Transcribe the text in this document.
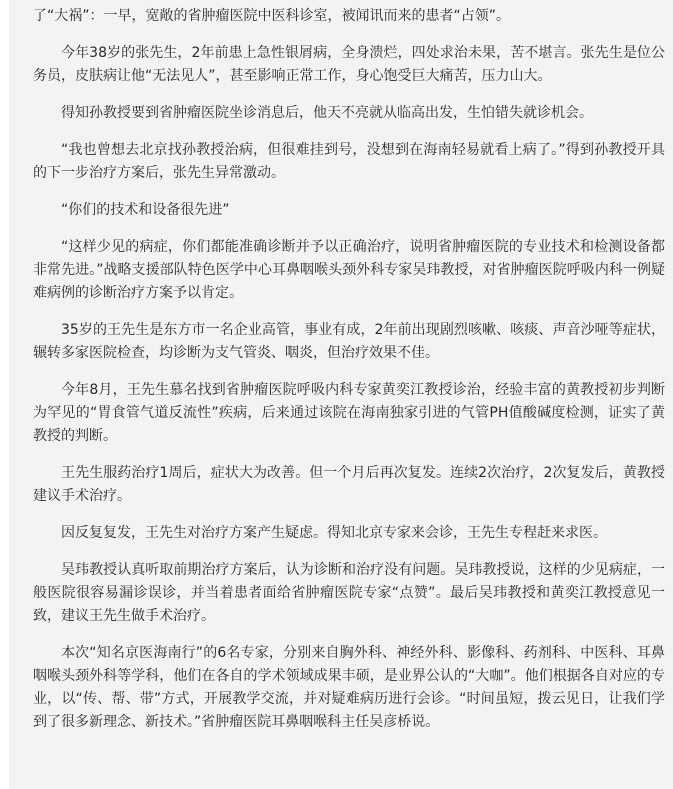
了“大祸”：一早，宽敞的省肿瘤医院中医科诊室，被闻讯而来的患者“占领”。

今年38岁的张先生，2年前患上急性银屑病，全身溃烂，四处求治未果，苦不堪言。张先生是位公务员，皮肤病让他“无法见人”，甚至影响正常工作，身心饱受巨大痛苦，压力山大。

得知孙教授要到省肿瘤医院坐诊消息后，他天不亮就从临高出发，生怕错失就诊机会。

“我也曾想去北京找孙教授治病，但很难挂到号，没想到在海南轻易就看上病了。”得到孙教授开具的下一步治疗方案后，张先生异常激动。

“你们的技术和设备很先进”

“这样少见的病症，你们都能准确诊断并予以正确治疗，说明省肿瘤医院的专业技术和检测设备都非常先进。”战略支援部队特色医学中心耳鼻咽喉头颈外科专家吴玮教授，对省肿瘤医院呼吸内科一例疑难病例的诊断治疗方案予以肯定。

35岁的王先生是东方市一名企业高管，事业有成，2年前出现剧烈咳嗽、咳痰、声音沙哑等症状，辗转多家医院检查，均诊断为支气管炎、咽炎，但治疗效果不佳。

今年8月，王先生慕名找到省肿瘤医院呼吸内科专家黄奕江教授诊治，经验丰富的黄教授初步判断为罕见的“胃食管气道反流性”疾病，后来通过该院在海南独家引进的气管PH值酸碱度检测，证实了黄教授的判断。

王先生服药治疗1周后，症状大为改善。但一个月后再次复发。连续2次治疗，2次复发后，黄教授建议手术治疗。

因反复复发，王先生对治疗方案产生疑虑。得知北京专家来会诊，王先生专程赶来求医。

吴玮教授认真听取前期治疗方案后，认为诊断和治疗没有问题。吴玮教授说，这样的少见病症，一般医院很容易漏诊误诊，并当着患者面给省肿瘤医院专家“点赞”。最后吴玮教授和黄奕江教授意见一致，建议王先生做手术治疗。

本次“知名京医海南行”的6名专家，分别来自胸外科、神经外科、影像科、药剂科、中医科、耳鼻咽喉头颈外科等学科，他们在各自的学术领域成果丰硕，是业界公认的“大咖”。他们根据各自对应的专业，以“传、帮、带”方式，开展教学交流，并对疑难病历进行会诊。“时间虽短，拨云见日，让我们学到了很多新理念、新技术。”省肿瘤医院耳鼻咽喉科主任吴彦桥说。
